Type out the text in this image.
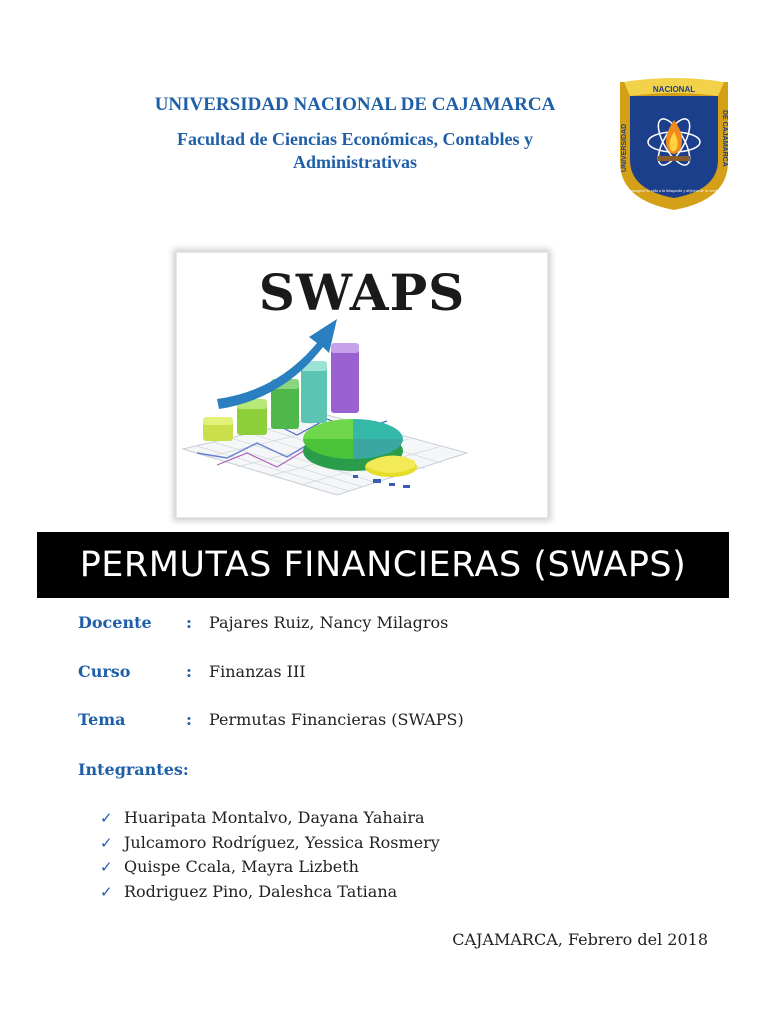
UNIVERSIDAD NACIONAL DE CAJAMARCA
Facultad de Ciencias Económicas, Contables y
Administrativas
NACIONAL
UNIVERSIDAD	DE CAJAMARCA
Consagrar la vida a la búsqueda y defensa de la verdad
SWAPS
PERMUTAS FINANCIERAS (SWAPS)
Docente : Pajares Ruiz, Nancy Milagros
Curso	: Finanzas III
Tema	: Permutas Financieras (SWAPS)
Integrantes:
✓ Huaripata Montalvo, Dayana Yahaira
✓ Julcamoro Rodríguez, Yessica Rosmery
✓ Quispe Ccala, Mayra Lizbeth
✓ Rodriguez Pino, Daleshca Tatiana
CAJAMARCA, Febrero del 2018
